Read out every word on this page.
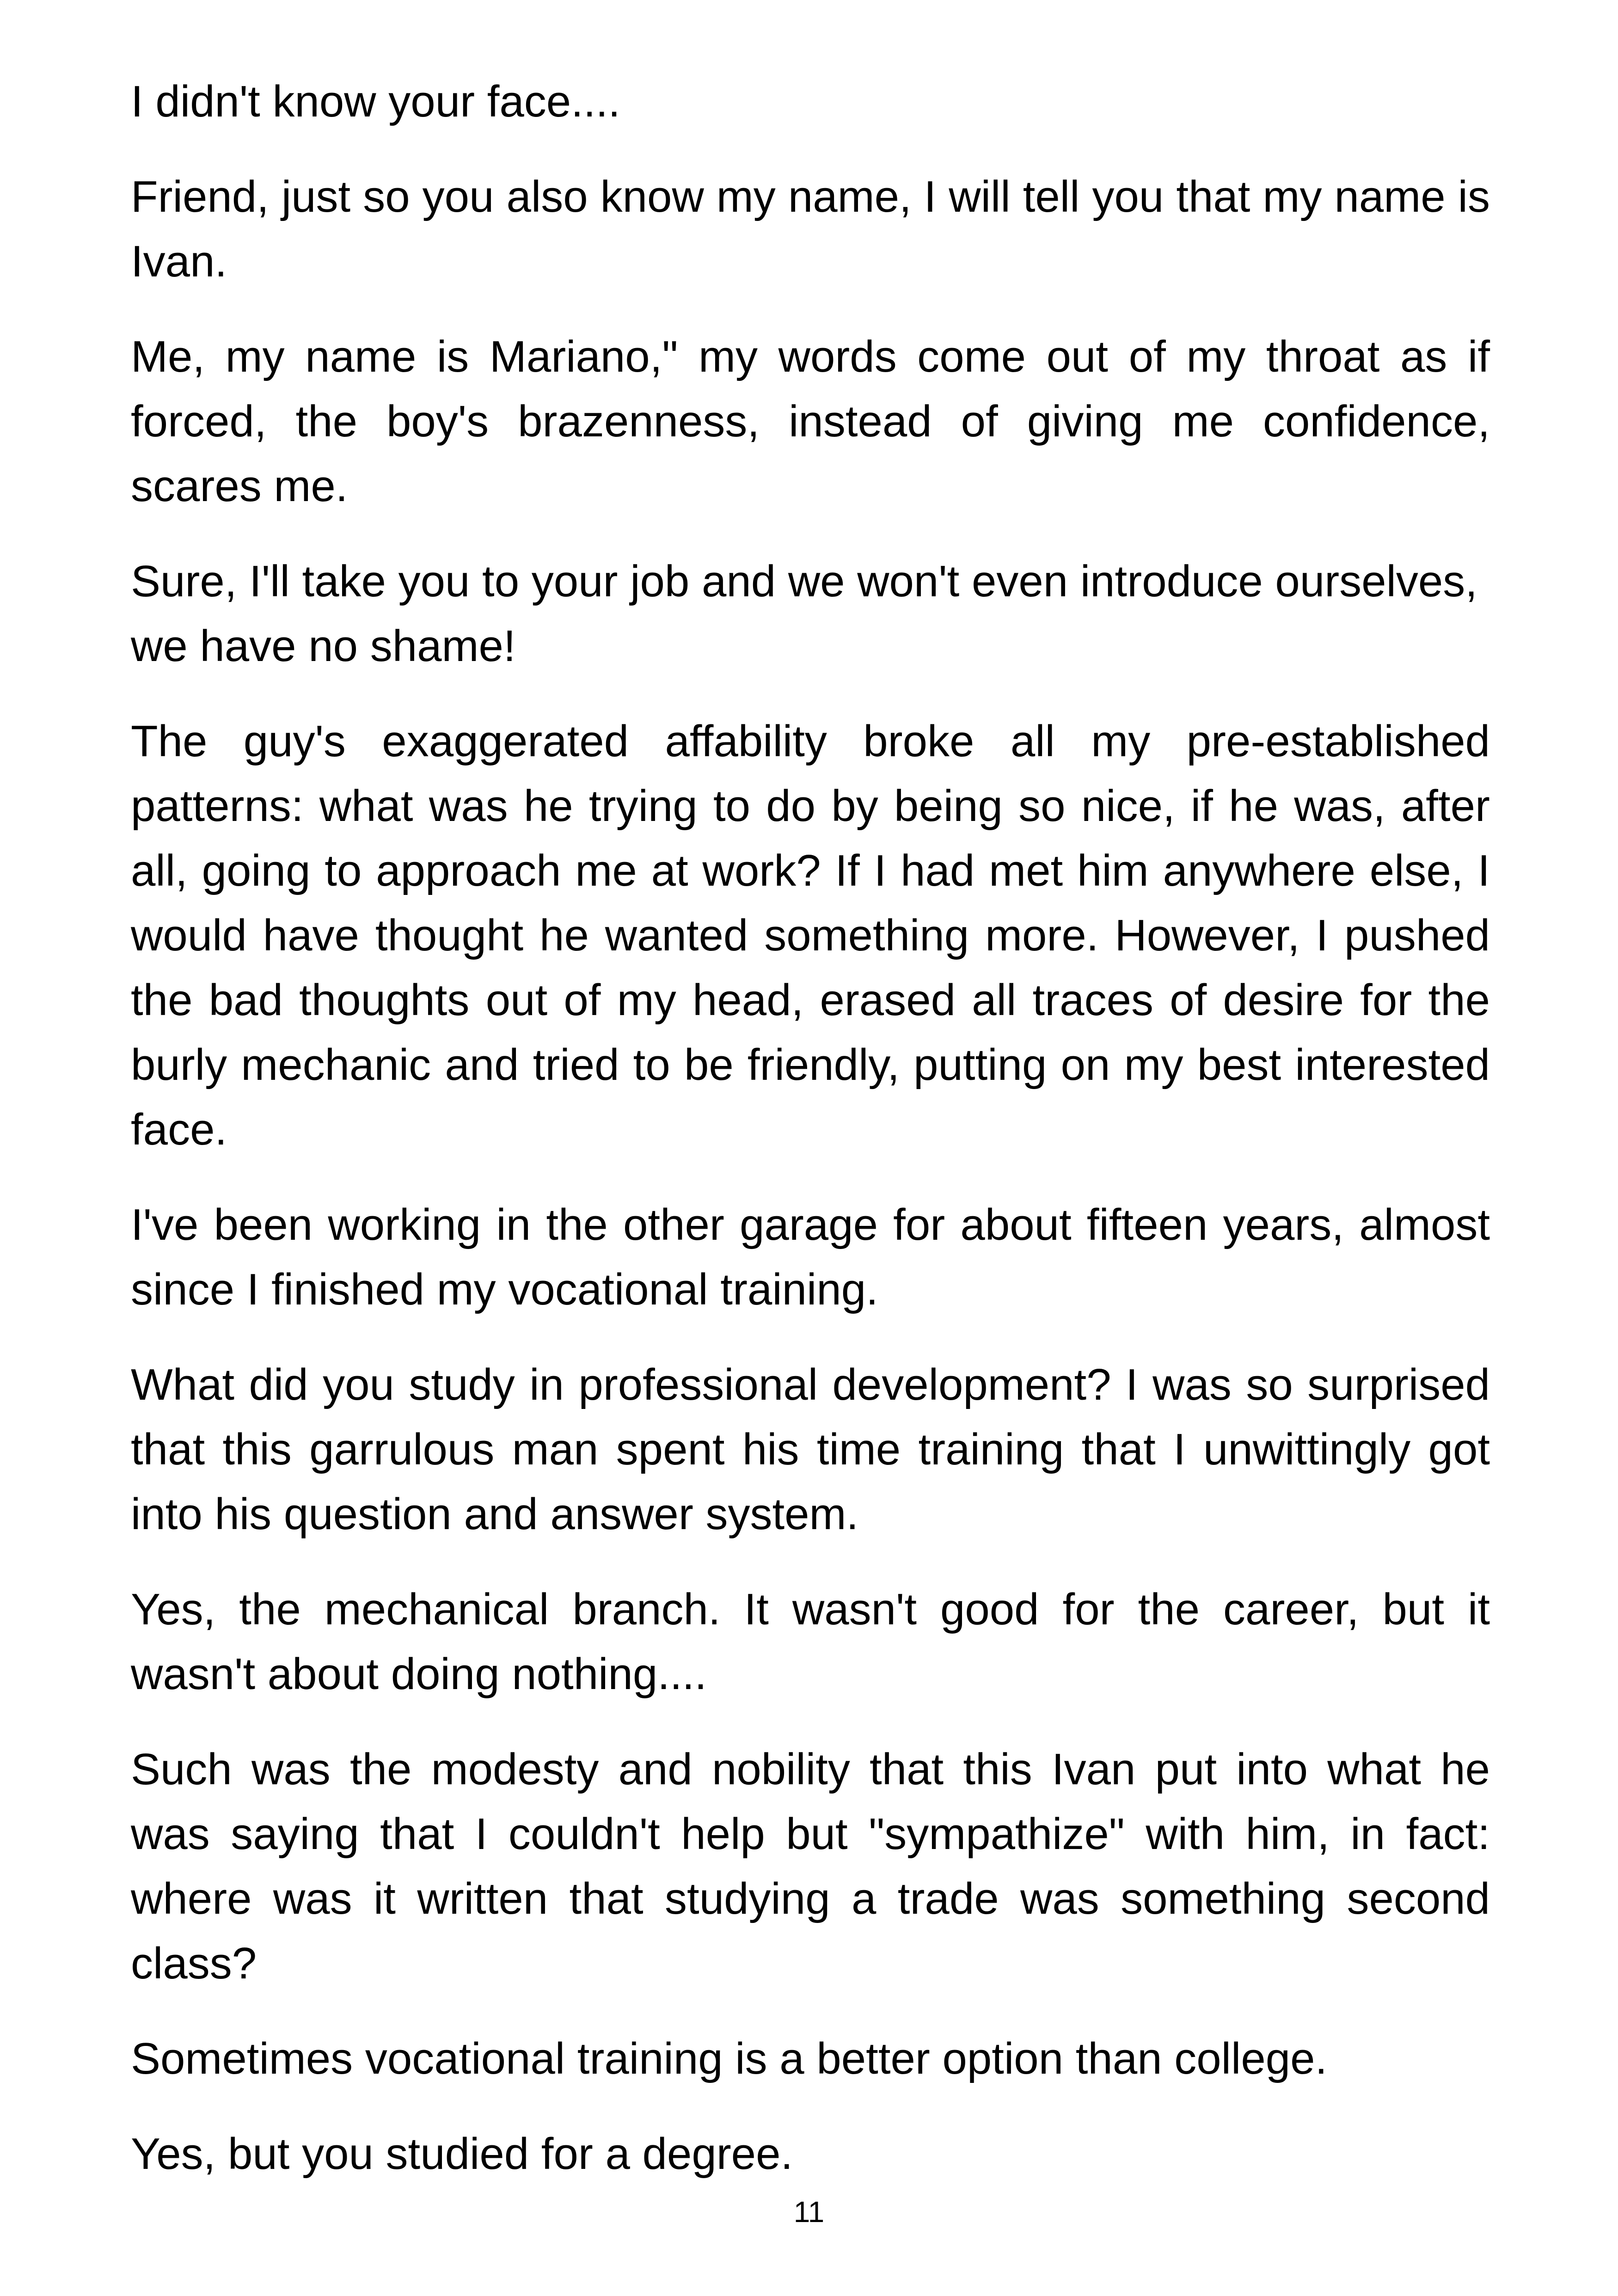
I didn't know your face....

Friend, just so you also know my name, I will tell you that my name is Ivan.

Me, my name is Mariano," my words come out of my throat as if forced, the boy's brazenness, instead of giving me confidence, scares me.

Sure, I'll take you to your job and we won't even introduce ourselves, we have no shame!

The guy's exaggerated affability broke all my pre-established patterns: what was he trying to do by being so nice, if he was, after all, going to approach me at work? If I had met him anywhere else, I would have thought he wanted something more. However, I pushed the bad thoughts out of my head, erased all traces of desire for the burly mechanic and tried to be friendly, putting on my best interested face.

I've been working in the other garage for about fifteen years, almost since I finished my vocational training.

What did you study in professional development? I was so surprised that this garrulous man spent his time training that I unwittingly got into his question and answer system.

Yes, the mechanical branch. It wasn't good for the career, but it wasn't about doing nothing....

Such was the modesty and nobility that this Ivan put into what he was saying that I couldn't help but "sympathize" with him, in fact: where was it written that studying a trade was something second class?

Sometimes vocational training is a better option than college.

Yes, but you studied for a degree.

11
